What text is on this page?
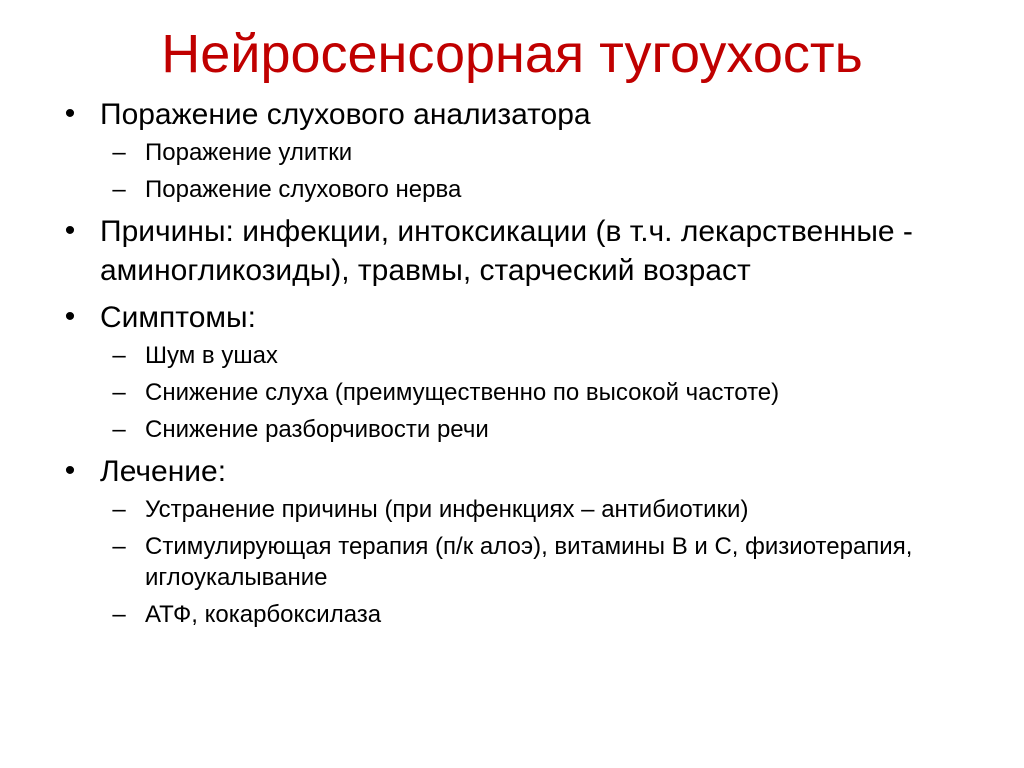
Нейросенсорная тугоухость
• Поражение слухового анализатора
– Поражение улитки
– Поражение слухового нерва
• Причины: инфекции, интоксикации (в т.ч. лекарственные - аминогликозиды), травмы, старческий возраст
• Симптомы:
– Шум в ушах
– Снижение слуха (преимущественно по высокой частоте)
– Снижение разборчивости речи
• Лечение:
– Устранение причины (при инфенкциях – антибиотики)
– Стимулирующая терапия (п/к алоэ), витамины В и С, физиотерапия, иглоукалывание
– АТФ, кокарбоксилаза
